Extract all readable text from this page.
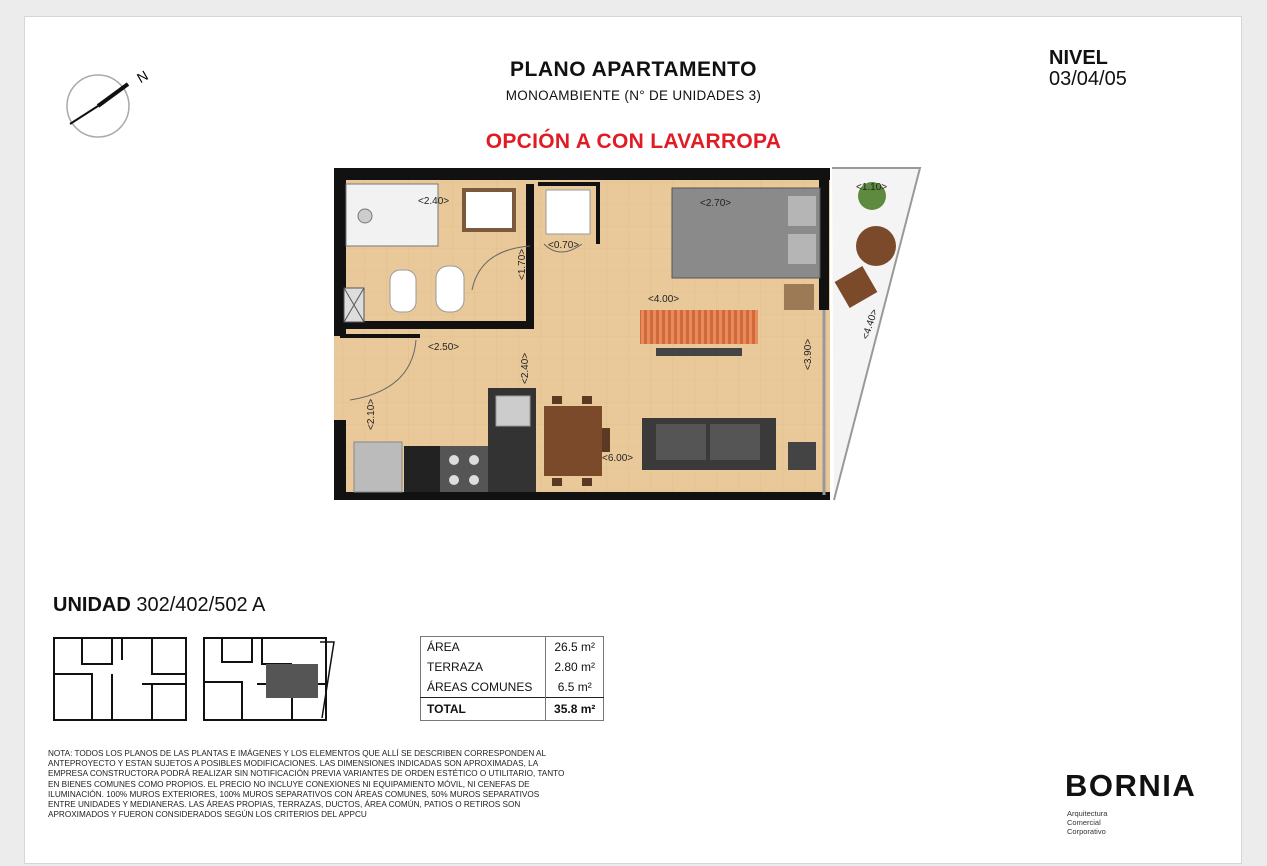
N	PLANO APARTAMENTO
MONOAMBIENTE (N° DE UNIDADES 3)
OPCIÓN A CON LAVARROPA
NIVEL
03/04/05
<2.40>
<1.70>
<0.70>
<2.70>
<4.00>
<2.50>
<2.40>
<2.10>
<3.90>
<6.00>
<1.10>
<4.40>
UNIDAD 302/402/502 A
ÁREA	26.5 m²
TERRAZA	2.80 m²
ÁREAS COMUNES	6.5 m²
TOTAL	35.8 m²
NOTA: TODOS LOS PLANOS DE LAS PLANTAS E IMÁGENES Y LOS ELEMENTOS QUE ALLÍ SE DESCRIBEN CORRESPONDEN AL ANTEPROYECTO Y ESTAN SUJETOS A POSIBLES MODIFICACIONES. LAS DIMENSIONES INDICADAS SON APROXIMADAS, LA EMPRESA CONSTRUCTORA PODRÁ REALIZAR SIN NOTIFICACIÓN PREVIA VARIANTES DE ORDEN ESTÉTICO O UTILITARIO, TANTO EN BIENES COMUNES COMO PROPIOS. EL PRECIO NO INCLUYE CONEXIONES NI EQUIPAMIENTO MÓVIL, NI CENEFAS DE ILUMINACIÓN. 100% MUROS EXTERIORES, 100% MUROS SEPARATIVOS CON ÁREAS COMUNES, 50% MUROS SEPARATIVOS ENTRE UNIDADES Y MEDIANERAS. LAS ÁREAS PROPIAS, TERRAZAS, DUCTOS, ÁREA COMÚN, PATIOS O RETIROS SON APROXIMADOS Y FUERON CONSIDERADOS SEGÚN LOS CRITERIOS DEL APPCU
BORNIA
Arquitectura
Comercial
Corporativo
